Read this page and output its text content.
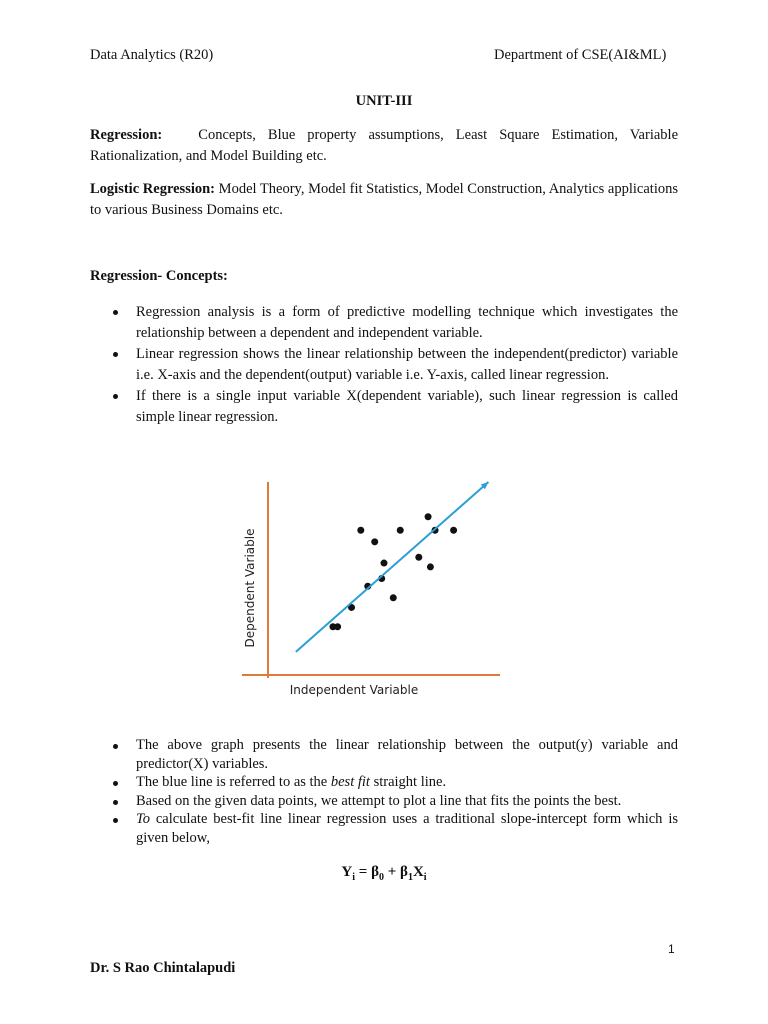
Data Analytics (R20)	Department of CSE(AI&ML)
UNIT-III
Regression: Concepts, Blue property assumptions, Least Square Estimation, Variable Rationalization, and Model Building etc.
Logistic Regression: Model Theory, Model fit Statistics, Model Construction, Analytics applications to various Business Domains etc.
Regression- Concepts:
Regression analysis is a form of predictive modelling technique which investigates the relationship between a dependent and independent variable.
Linear regression shows the linear relationship between the independent(predictor) variable i.e. X-axis and the dependent(output) variable i.e. Y-axis, called linear regression.
If there is a single input variable X(dependent variable), such linear regression is called simple linear regression.
Independent Variable
Dependent Variable
The above graph presents the linear relationship between the output(y) variable and predictor(X) variables.
The blue line is referred to as the best fit straight line.
Based on the given data points, we attempt to plot a line that fits the points the best.
To calculate best-fit line linear regression uses a traditional slope-intercept form which is given below,
$Y_i = \beta_0 + \beta_1X_i$
1
Dr. S Rao Chintalapudi
